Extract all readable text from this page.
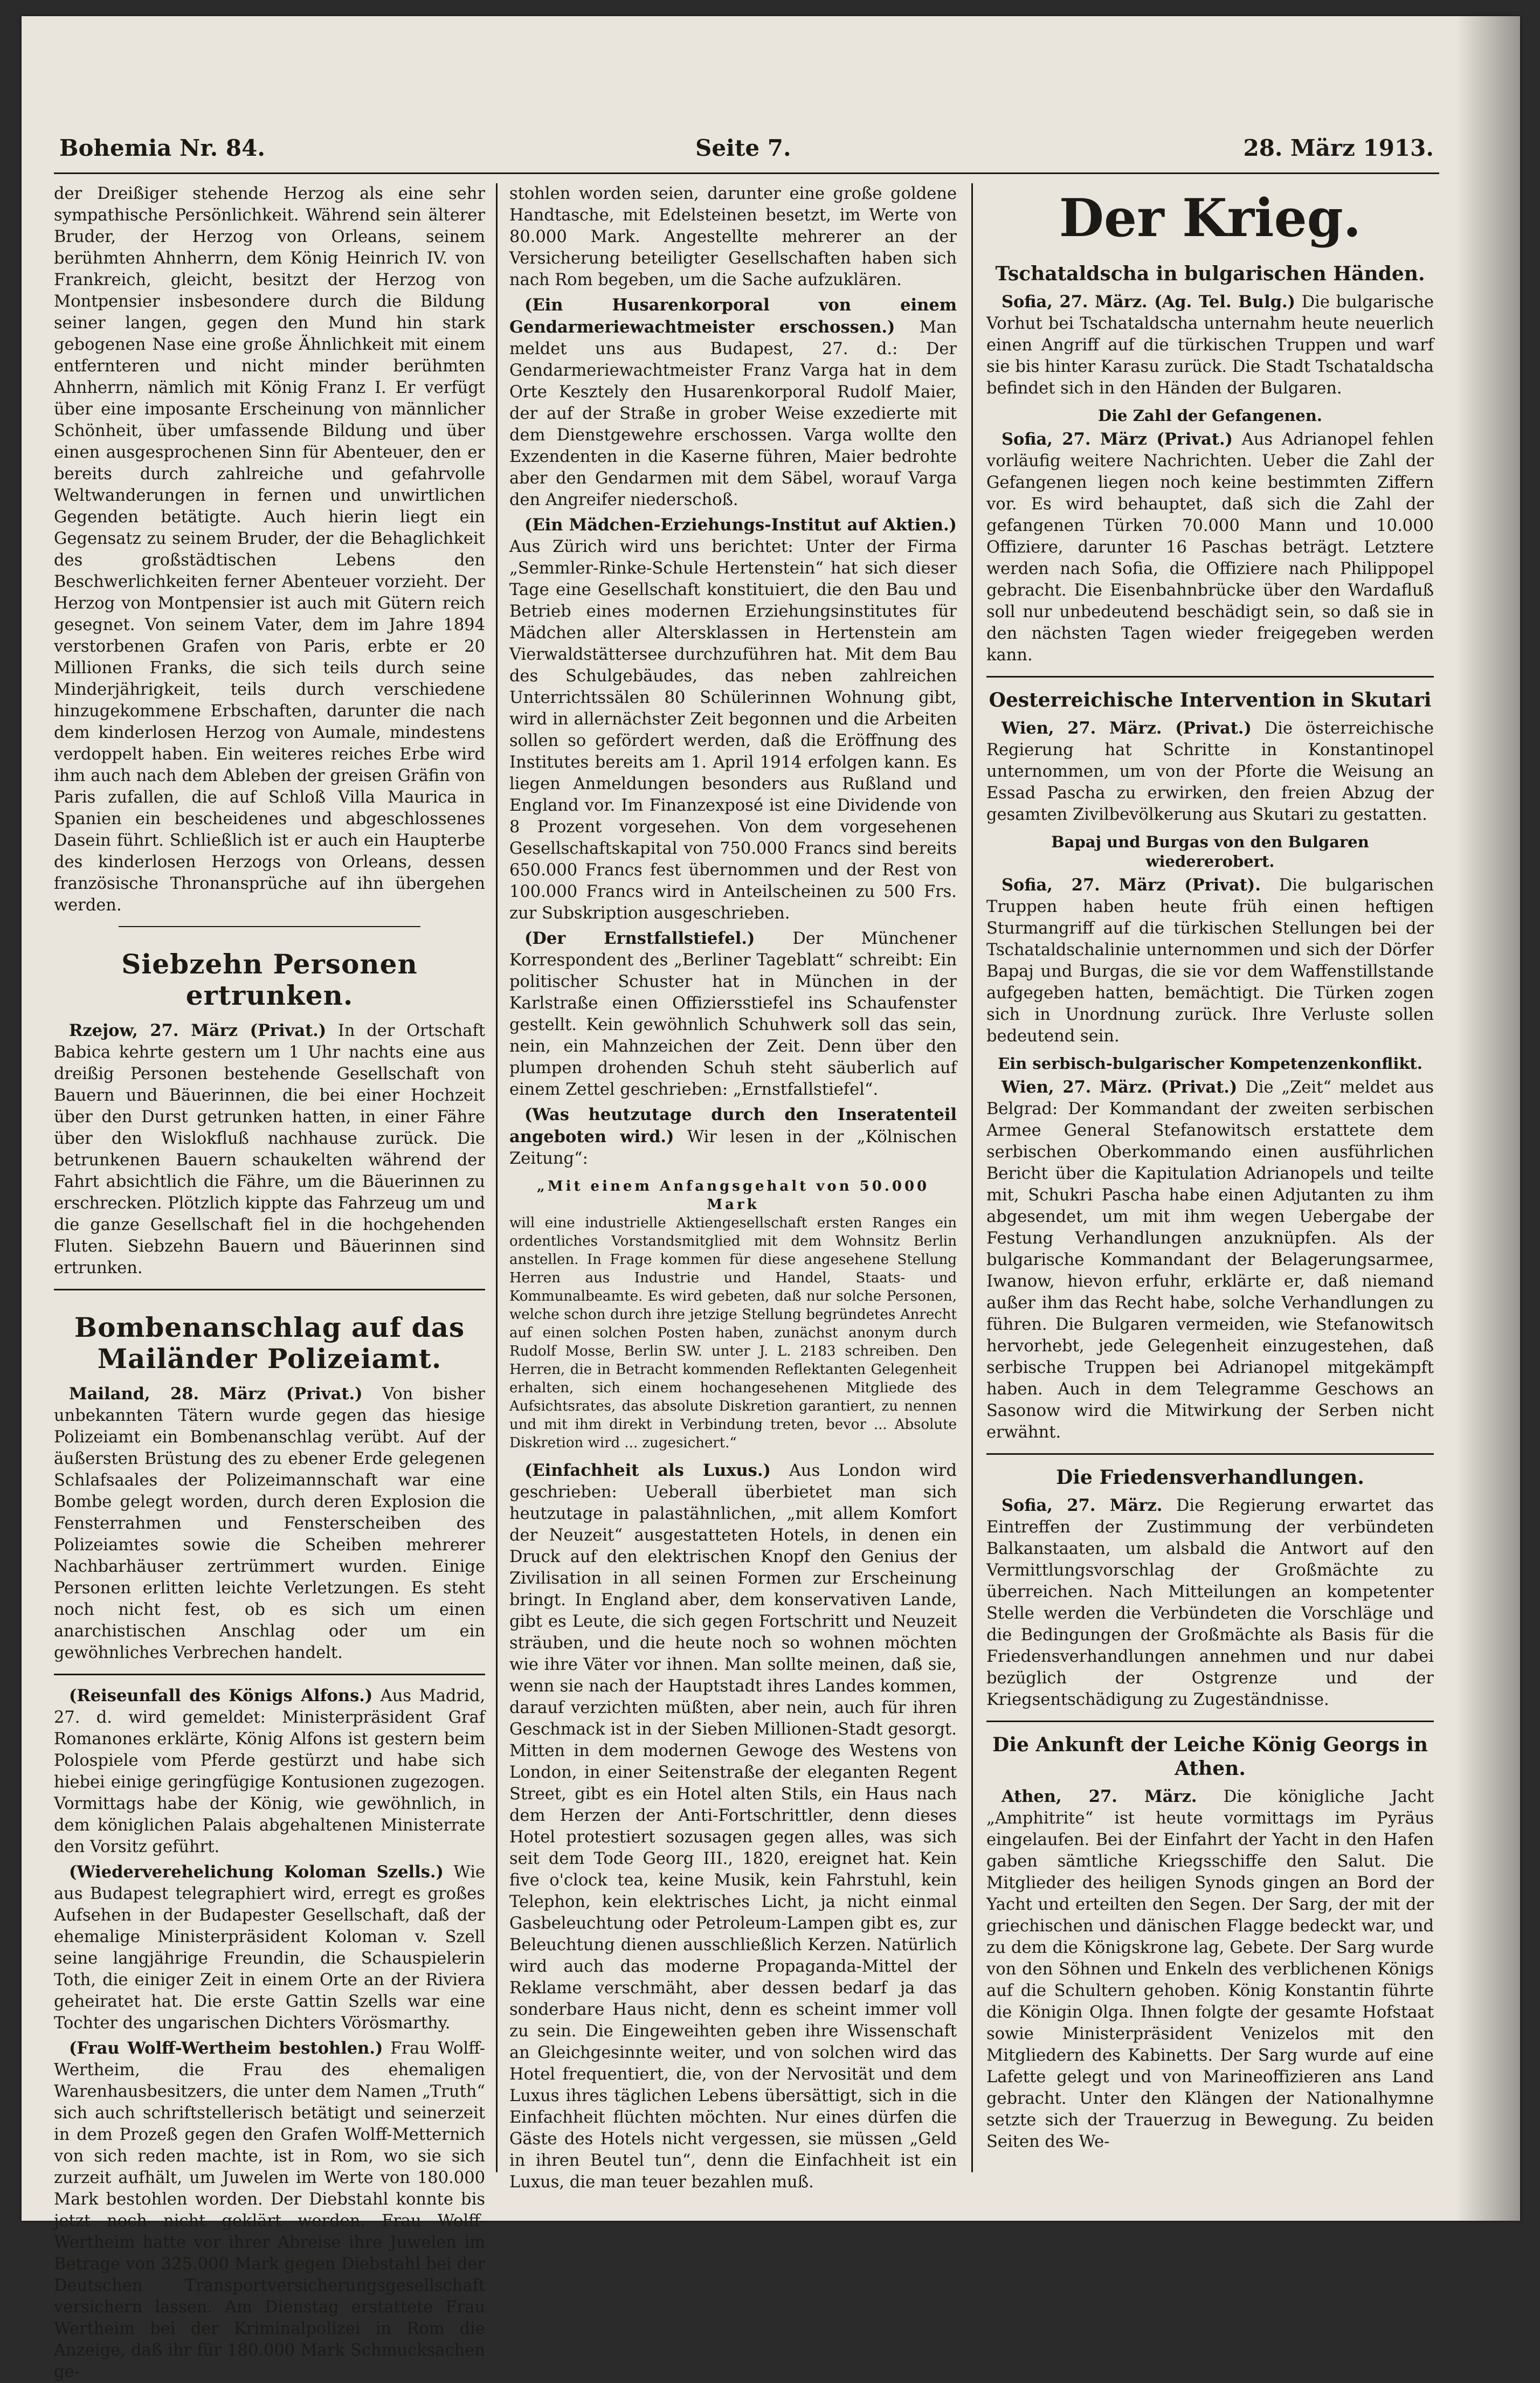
Bohemia Nr. 84.	Seite 7.	28. März 1913.

der Dreißiger stehende Herzog als eine sehr sympathische Persönlichkeit. Während sein älterer Bruder, der Herzog von Orleans, seinem berühmten Ahnherrn, dem König Heinrich IV. von Frankreich, gleicht, besitzt der Herzog von Montpensier insbesondere durch die Bildung seiner langen, gegen den Mund hin stark gebogenen Nase eine große Ähnlichkeit mit einem entfernteren und nicht minder berühmten Ahnherrn, nämlich mit König Franz I. Er verfügt über eine imposante Erscheinung von männlicher Schönheit, über umfassende Bildung und über einen ausgesprochenen Sinn für Abenteuer, den er bereits durch zahlreiche und gefahrvolle Weltwanderungen in fernen und unwirtlichen Gegenden betätigte. Auch hierin liegt ein Gegensatz zu seinem Bruder, der die Behaglichkeit des großstädtischen Lebens den Beschwerlichkeiten ferner Abenteuer vorzieht. Der Herzog von Montpensier ist auch mit Gütern reich gesegnet. Von seinem Vater, dem im Jahre 1894 verstorbenen Grafen von Paris, erbte er 20 Millionen Franks, die sich teils durch seine Minderjährigkeit, teils durch verschiedene hinzugekommene Erbschaften, darunter die nach dem kinderlosen Herzog von Aumale, mindestens verdoppelt haben. Ein weiteres reiches Erbe wird ihm auch nach dem Ableben der greisen Gräfin von Paris zufallen, die auf Schloß Villa Maurica in Spanien ein bescheidenes und abgeschlossenes Dasein führt. Schließlich ist er auch ein Haupterbe des kinderlosen Herzogs von Orleans, dessen französische Thronansprüche auf ihn übergehen werden.

Siebzehn Personen ertrunken.

Rzejow, 27. März (Privat.) In der Ortschaft Babica kehrte gestern um 1 Uhr nachts eine aus dreißig Personen bestehende Gesellschaft von Bauern und Bäuerinnen, die bei einer Hochzeit über den Durst getrunken hatten, in einer Fähre über den Wislokfluß nachhause zurück. Die betrunkenen Bauern schaukelten während der Fahrt absichtlich die Fähre, um die Bäuerinnen zu erschrecken. Plötzlich kippte das Fahrzeug um und die ganze Gesellschaft fiel in die hochgehenden Fluten. Siebzehn Bauern und Bäuerinnen sind ertrunken.

Bombenanschlag auf das Mailänder Polizeiamt.

Mailand, 28. März (Privat.) Von bisher unbekannten Tätern wurde gegen das hiesige Polizeiamt ein Bombenanschlag verübt. Auf der äußersten Brüstung des zu ebener Erde gelegenen Schlafsaales der Polizeimannschaft war eine Bombe gelegt worden, durch deren Explosion die Fensterrahmen und Fensterscheiben des Polizeiamtes sowie die Scheiben mehrerer Nachbarhäuser zertrümmert wurden. Einige Personen erlitten leichte Verletzungen. Es steht noch nicht fest, ob es sich um einen anarchistischen Anschlag oder um ein gewöhnliches Verbrechen handelt.

(Reiseunfall des Königs Alfons.) Aus Madrid, 27. d. wird gemeldet: Ministerpräsident Graf Romanones erklärte, König Alfons ist gestern beim Polospiele vom Pferde gestürzt und habe sich hiebei einige geringfügige Kontusionen zugezogen. Vormittags habe der König, wie gewöhnlich, in dem königlichen Palais abgehaltenen Ministerrate den Vorsitz geführt.

(Wiederverehelichung Koloman Szells.) Wie aus Budapest telegraphiert wird, erregt es großes Aufsehen in der Budapester Gesellschaft, daß der ehemalige Ministerpräsident Koloman v. Szell seine langjährige Freundin, die Schauspielerin Toth, die einiger Zeit in einem Orte an der Riviera geheiratet hat. Die erste Gattin Szells war eine Tochter des ungarischen Dichters Vörösmarthy.

(Frau Wolff-Wertheim bestohlen.) Frau Wolff-Wertheim, die Frau des ehemaligen Warenhausbesitzers, die unter dem Namen „Truth“ sich auch schriftstellerisch betätigt und seinerzeit in dem Prozeß gegen den Grafen Wolff-Metternich von sich reden machte, ist in Rom, wo sie sich zurzeit aufhält, um Juwelen im Werte von 180.000 Mark bestohlen worden. Der Diebstahl konnte bis jetzt noch nicht geklärt werden. Frau Wolff-Wertheim hatte vor ihrer Abreise ihre Juwelen im Betrage von 325.000 Mark gegen Diebstahl bei der Deutschen Transportversicherungsgesellschaft versichern lassen. Am Dienstag erstattete Frau Wertheim bei der Kriminalpolizei in Rom die Anzeige, daß ihr für 180.000 Mark Schmucksachen ge-

stohlen worden seien, darunter eine große goldene Handtasche, mit Edelsteinen besetzt, im Werte von 80.000 Mark. Angestellte mehrerer an der Versicherung beteiligter Gesellschaften haben sich nach Rom begeben, um die Sache aufzuklären.

(Ein Husarenkorporal von einem Gendarmeriewachtmeister erschossen.) Man meldet uns aus Budapest, 27. d.: Der Gendarmeriewachtmeister Franz Varga hat in dem Orte Kesztely den Husarenkorporal Rudolf Maier, der auf der Straße in grober Weise exzedierte mit dem Dienstgewehre erschossen. Varga wollte den Exzendenten in die Kaserne führen, Maier bedrohte aber den Gendarmen mit dem Säbel, worauf Varga den Angreifer niederschoß.

(Ein Mädchen-Erziehungs-Institut auf Aktien.) Aus Zürich wird uns berichtet: Unter der Firma „Semmler-Rinke-Schule Hertenstein“ hat sich dieser Tage eine Gesellschaft konstituiert, die den Bau und Betrieb eines modernen Erziehungsinstitutes für Mädchen aller Altersklassen in Hertenstein am Vierwaldstättersee durchzuführen hat. Mit dem Bau des Schulgebäudes, das neben zahlreichen Unterrichtssälen 80 Schülerinnen Wohnung gibt, wird in allernächster Zeit begonnen und die Arbeiten sollen so gefördert werden, daß die Eröffnung des Institutes bereits am 1. April 1914 erfolgen kann. Es liegen Anmeldungen besonders aus Rußland und England vor. Im Finanzexposé ist eine Dividende von 8 Prozent vorgesehen. Von dem vorgesehenen Gesellschaftskapital von 750.000 Francs sind bereits 650.000 Francs fest übernommen und der Rest von 100.000 Francs wird in Anteilscheinen zu 500 Frs. zur Subskription ausgeschrieben.

(Der Ernstfallstiefel.) Der Münchener Korrespondent des „Berliner Tageblatt“ schreibt: Ein politischer Schuster hat in München in der Karlstraße einen Offiziersstiefel ins Schaufenster gestellt. Kein gewöhnlich Schuhwerk soll das sein, nein, ein Mahnzeichen der Zeit. Denn über den plumpen drohenden Schuh steht säuberlich auf einem Zettel geschrieben: „Ernstfallstiefel“.

(Was heutzutage durch den Inseratenteil angeboten wird.) Wir lesen in der „Kölnischen Zeitung“:

„Mit einem Anfangsgehalt von 50.000 Mark

will eine industrielle Aktiengesellschaft ersten Ranges ein ordentliches Vorstandsmitglied mit dem Wohnsitz Berlin anstellen. In Frage kommen für diese angesehene Stellung Herren aus Industrie und Handel, Staats- und Kommunalbeamte. Es wird gebeten, daß nur solche Personen, welche schon durch ihre jetzige Stellung begründetes Anrecht auf einen solchen Posten haben, zunächst anonym durch Rudolf Mosse, Berlin SW. unter J. L. 2183 schreiben. Den Herren, die in Betracht kommenden Reflektanten Gelegenheit erhalten, sich einem hochangesehenen Mitgliede des Aufsichtsrates, das absolute Diskretion garantiert, zu nennen und mit ihm direkt in Verbindung treten, bevor ... Absolute Diskretion wird ... zugesichert.“

(Einfachheit als Luxus.) Aus London wird geschrieben: Ueberall überbietet man sich heutzutage in palastähnlichen, „mit allem Komfort der Neuzeit“ ausgestatteten Hotels, in denen ein Druck auf den elektrischen Knopf den Genius der Zivilisation in all seinen Formen zur Erscheinung bringt. In England aber, dem konservativen Lande, gibt es Leute, die sich gegen Fortschritt und Neuzeit sträuben, und die heute noch so wohnen möchten wie ihre Väter vor ihnen. Man sollte meinen, daß sie, wenn sie nach der Hauptstadt ihres Landes kommen, darauf verzichten müßten, aber nein, auch für ihren Geschmack ist in der Sieben Millionen-Stadt gesorgt. Mitten in dem modernen Gewoge des Westens von London, in einer Seitenstraße der eleganten Regent Street, gibt es ein Hotel alten Stils, ein Haus nach dem Herzen der Anti-Fortschrittler, denn dieses Hotel protestiert sozusagen gegen alles, was sich seit dem Tode Georg III., 1820, ereignet hat. Kein five o'clock tea, keine Musik, kein Fahrstuhl, kein Telephon, kein elektrisches Licht, ja nicht einmal Gasbeleuchtung oder Petroleum-Lampen gibt es, zur Beleuchtung dienen ausschließlich Kerzen. Natürlich wird auch das moderne Propaganda-Mittel der Reklame verschmäht, aber dessen bedarf ja das sonderbare Haus nicht, denn es scheint immer voll zu sein. Die Eingeweihten geben ihre Wissenschaft an Gleichgesinnte weiter, und von solchen wird das Hotel frequentiert, die, von der Nervosität und dem Luxus ihres täglichen Lebens übersättigt, sich in die Einfachheit flüchten möchten. Nur eines dürfen die Gäste des Hotels nicht vergessen, sie müssen „Geld in ihren Beutel tun“, denn die Einfachheit ist ein Luxus, die man teuer bezahlen muß.

Der Krieg.
Tschataldscha in bulgarischen Händen.

Sofia, 27. März. (Ag. Tel. Bulg.) Die bulgarische Vorhut bei Tschataldscha unternahm heute neuerlich einen Angriff auf die türkischen Truppen und warf sie bis hinter Karasu zurück. Die Stadt Tschataldscha befindet sich in den Händen der Bulgaren.

Die Zahl der Gefangenen.

Sofia, 27. März (Privat.) Aus Adrianopel fehlen vorläufig weitere Nachrichten. Ueber die Zahl der Gefangenen liegen noch keine bestimmten Ziffern vor. Es wird behauptet, daß sich die Zahl der gefangenen Türken 70.000 Mann und 10.000 Offiziere, darunter 16 Paschas beträgt. Letztere werden nach Sofia, die Offiziere nach Philippopel gebracht. Die Eisenbahnbrücke über den Wardafluß soll nur unbedeutend beschädigt sein, so daß sie in den nächsten Tagen wieder freigegeben werden kann.

Oesterreichische Intervention in Skutari

Wien, 27. März. (Privat.) Die österreichische Regierung hat Schritte in Konstantinopel unternommen, um von der Pforte die Weisung an Essad Pascha zu erwirken, den freien Abzug der gesamten Zivilbevölkerung aus Skutari zu gestatten.

Bapaj und Burgas von den Bulgaren wiedererobert.

Sofia, 27. März (Privat). Die bulgarischen Truppen haben heute früh einen heftigen Sturmangriff auf die türkischen Stellungen bei der Tschataldschalinie unternommen und sich der Dörfer Bapaj und Burgas, die sie vor dem Waffenstillstande aufgegeben hatten, bemächtigt. Die Türken zogen sich in Unordnung zurück. Ihre Verluste sollen bedeutend sein.

Ein serbisch-bulgarischer Kompetenzenkonflikt.

Wien, 27. März. (Privat.) Die „Zeit“ meldet aus Belgrad: Der Kommandant der zweiten serbischen Armee General Stefanowitsch erstattete dem serbischen Oberkommando einen ausführlichen Bericht über die Kapitulation Adrianopels und teilte mit, Schukri Pascha habe einen Adjutanten zu ihm abgesendet, um mit ihm wegen Uebergabe der Festung Verhandlungen anzuknüpfen. Als der bulgarische Kommandant der Belagerungsarmee, Iwanow, hievon erfuhr, erklärte er, daß niemand außer ihm das Recht habe, solche Verhandlungen zu führen. Die Bulgaren vermeiden, wie Stefanowitsch hervorhebt, jede Gelegenheit einzugestehen, daß serbische Truppen bei Adrianopel mitgekämpft haben. Auch in dem Telegramme Geschows an Sasonow wird die Mitwirkung der Serben nicht erwähnt.

Die Friedensverhandlungen.

Sofia, 27. März. Die Regierung erwartet das Eintreffen der Zustimmung der verbündeten Balkanstaaten, um alsbald die Antwort auf den Vermittlungsvorschlag der Großmächte zu überreichen. Nach Mitteilungen an kompetenter Stelle werden die Verbündeten die Vorschläge und die Bedingungen der Großmächte als Basis für die Friedensverhandlungen annehmen und nur dabei bezüglich der Ostgrenze und der Kriegsentschädigung zu Zugeständnisse.

Die Ankunft der Leiche König Georgs in Athen.

Athen, 27. März. Die königliche Jacht „Amphitrite“ ist heute vormittags im Pyräus eingelaufen. Bei der Einfahrt der Yacht in den Hafen gaben sämtliche Kriegsschiffe den Salut. Die Mitglieder des heiligen Synods gingen an Bord der Yacht und erteilten den Segen. Der Sarg, der mit der griechischen und dänischen Flagge bedeckt war, und zu dem die Königskrone lag, Gebete. Der Sarg wurde von den Söhnen und Enkeln des verblichenen Königs auf die Schultern gehoben. König Konstantin führte die Königin Olga. Ihnen folgte der gesamte Hofstaat sowie Ministerpräsident Venizelos mit den Mitgliedern des Kabinetts. Der Sarg wurde auf eine Lafette gelegt und von Marineoffizieren ans Land gebracht. Unter den Klängen der Nationalhymne setzte sich der Trauerzug in Bewegung. Zu beiden Seiten des We-
